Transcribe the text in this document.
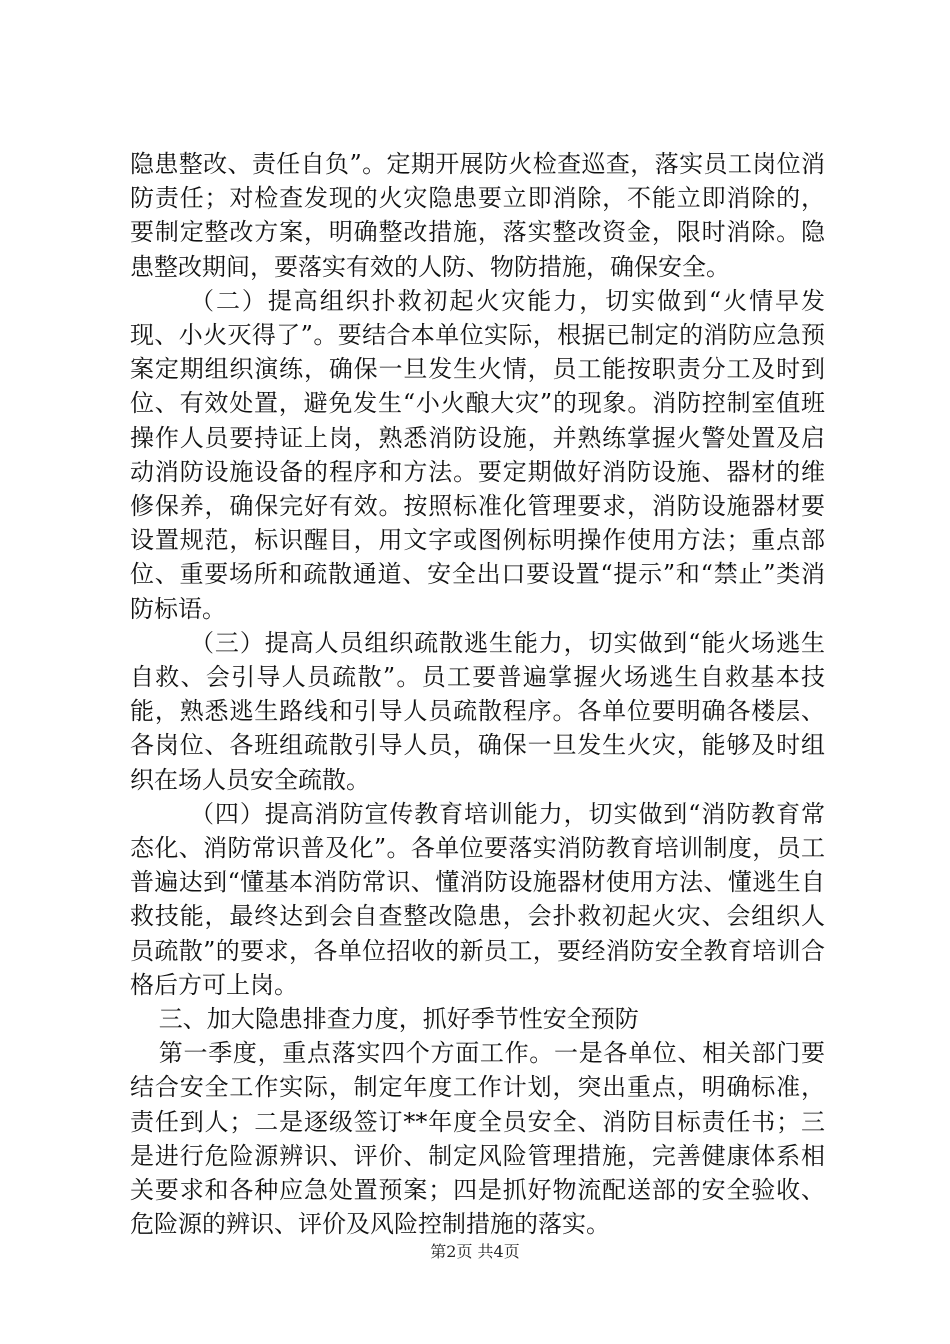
隐患整改、责任自负”。定期开展防火检查巡查，落实员工岗位消防责任；对检查发现的火灾隐患要立即消除，不能立即消除的，要制定整改方案，明确整改措施，落实整改资金，限时消除。隐患整改期间，要落实有效的人防、物防措施，确保安全。

（二）提高组织扑救初起火灾能力，切实做到“火情早发现、小火灭得了”。要结合本单位实际，根据已制定的消防应急预案定期组织演练，确保一旦发生火情，员工能按职责分工及时到位、有效处置，避免发生“小火酿大灾”的现象。消防控制室值班操作人员要持证上岗，熟悉消防设施，并熟练掌握火警处置及启动消防设施设备的程序和方法。要定期做好消防设施、器材的维修保养，确保完好有效。按照标准化管理要求，消防设施器材要设置规范，标识醒目，用文字或图例标明操作使用方法；重点部位、重要场所和疏散通道、安全出口要设置“提示”和“禁止”类消防标语。

（三）提高人员组织疏散逃生能力，切实做到“能火场逃生自救、会引导人员疏散”。员工要普遍掌握火场逃生自救基本技能，熟悉逃生路线和引导人员疏散程序。各单位要明确各楼层、各岗位、各班组疏散引导人员，确保一旦发生火灾，能够及时组织在场人员安全疏散。

（四）提高消防宣传教育培训能力，切实做到“消防教育常态化、消防常识普及化”。各单位要落实消防教育培训制度，员工普遍达到“懂基本消防常识、懂消防设施器材使用方法、懂逃生自救技能，最终达到会自查整改隐患，会扑救初起火灾、会组织人员疏散”的要求，各单位招收的新员工，要经消防安全教育培训合格后方可上岗。

三、加大隐患排查力度，抓好季节性安全预防

第一季度，重点落实四个方面工作。一是各单位、相关部门要结合安全工作实际，制定年度工作计划，突出重点，明确标准，责任到人；二是逐级签订**年度全员安全、消防目标责任书；三是进行危险源辨识、评价、制定风险管理措施，完善健康体系相关要求和各种应急处置预案；四是抓好物流配送部的安全验收、危险源的辨识、评价及风险控制措施的落实。

第2页 共4页
